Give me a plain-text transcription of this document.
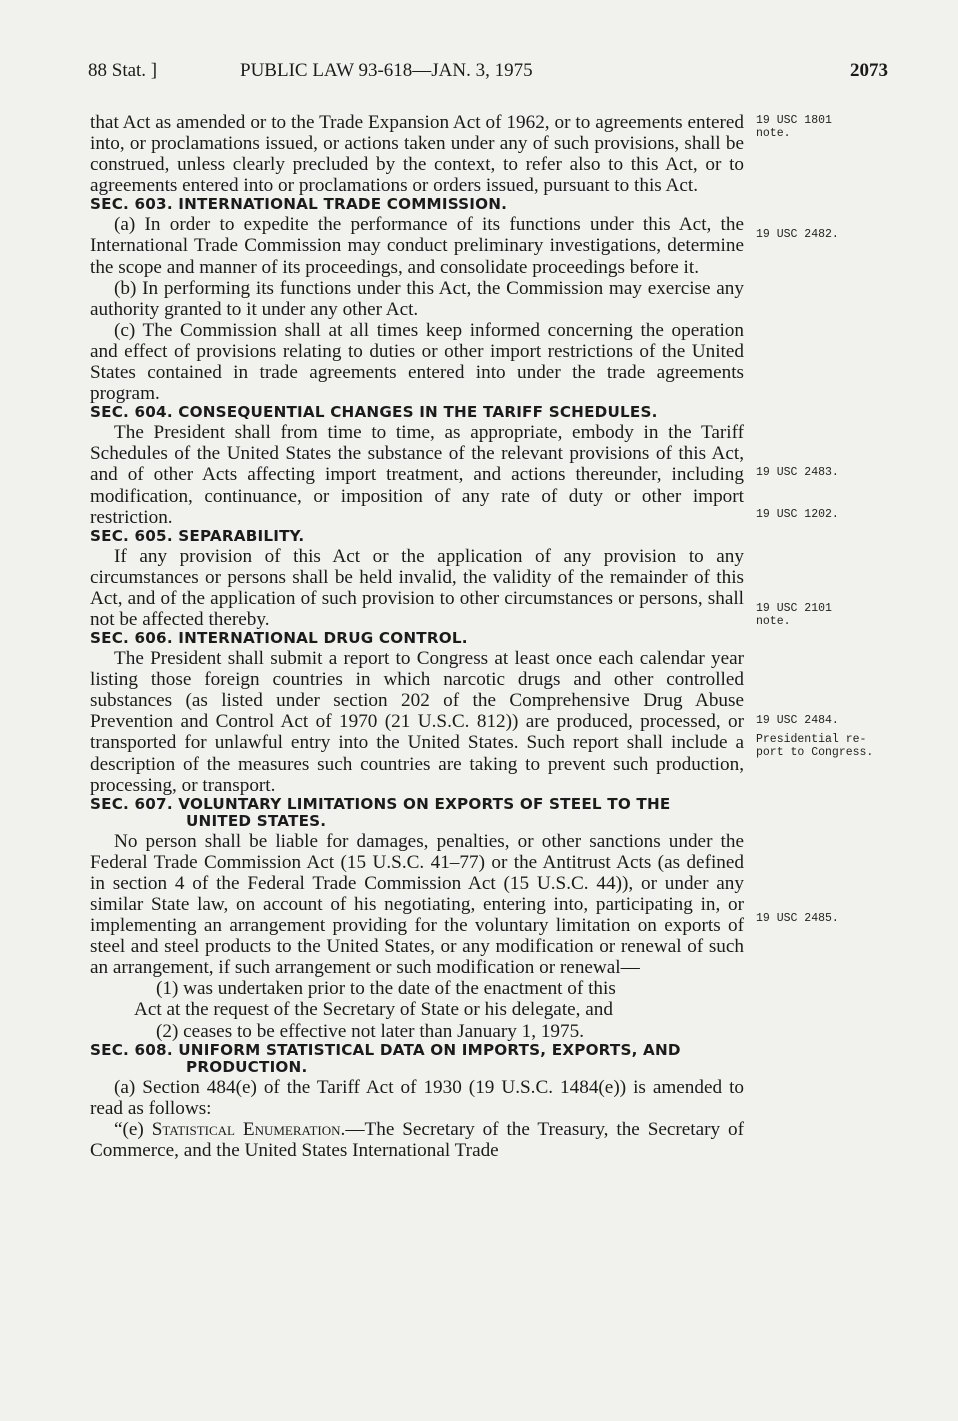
88 Stat. ]	PUBLIC LAW 93-618—JAN. 3, 1975	2073

that Act as amended or to the Trade Expansion Act of 1962, or to agreements entered into, or proclamations issued, or actions taken under any of such provisions, shall be construed, unless clearly precluded by the context, to refer also to this Act, or to agreements entered into or proclamations or orders issued, pursuant to this Act.

SEC. 603. INTERNATIONAL TRADE COMMISSION.

(a) In order to expedite the performance of its functions under this Act, the International Trade Commission may conduct preliminary investigations, determine the scope and manner of its proceedings, and consolidate proceedings before it.

(b) In performing its functions under this Act, the Commission may exercise any authority granted to it under any other Act.

(c) The Commission shall at all times keep informed concerning the operation and effect of provisions relating to duties or other import restrictions of the United States contained in trade agreements entered into under the trade agreements program.

SEC. 604. CONSEQUENTIAL CHANGES IN THE TARIFF SCHEDULES.

The President shall from time to time, as appropriate, embody in the Tariff Schedules of the United States the substance of the relevant provisions of this Act, and of other Acts affecting import treatment, and actions thereunder, including modification, continuance, or imposition of any rate of duty or other import restriction.

SEC. 605. SEPARABILITY.

If any provision of this Act or the application of any provision to any circumstances or persons shall be held invalid, the validity of the remainder of this Act, and of the application of such provision to other circumstances or persons, shall not be affected thereby.

SEC. 606. INTERNATIONAL DRUG CONTROL.

The President shall submit a report to Congress at least once each calendar year listing those foreign countries in which narcotic drugs and other controlled substances (as listed under section 202 of the Comprehensive Drug Abuse Prevention and Control Act of 1970 (21 U.S.C. 812)) are produced, processed, or transported for unlawful entry into the United States. Such report shall include a description of the measures such countries are taking to prevent such production, processing, or transport.

SEC. 607. VOLUNTARY LIMITATIONS ON EXPORTS OF STEEL TO THE
UNITED STATES.

No person shall be liable for damages, penalties, or other sanctions under the Federal Trade Commission Act (15 U.S.C. 41–77) or the Antitrust Acts (as defined in section 4 of the Federal Trade Commission Act (15 U.S.C. 44)), or under any similar State law, on account of his negotiating, entering into, participating in, or implementing an arrangement providing for the voluntary limitation on exports of steel and steel products to the United States, or any modification or renewal of such an arrangement, if such arrangement or such modification or renewal—

(1) was undertaken prior to the date of the enactment of this

Act at the request of the Secretary of State or his delegate, and

(2) ceases to be effective not later than January 1, 1975.

SEC. 608. UNIFORM STATISTICAL DATA ON IMPORTS, EXPORTS, AND
PRODUCTION.

(a) Section 484(e) of the Tariff Act of 1930 (19 U.S.C. 1484(e)) is amended to read as follows:

“(e) Statistical Enumeration.—The Secretary of the Treasury, the Secretary of Commerce, and the United States International Trade

19 USC 1801
note.
19 USC 2482.
19 USC 2483.
19 USC 1202.
19 USC 2101
note.
19 USC 2484.
Presidential re-
port to Congress.
19 USC 2485.
